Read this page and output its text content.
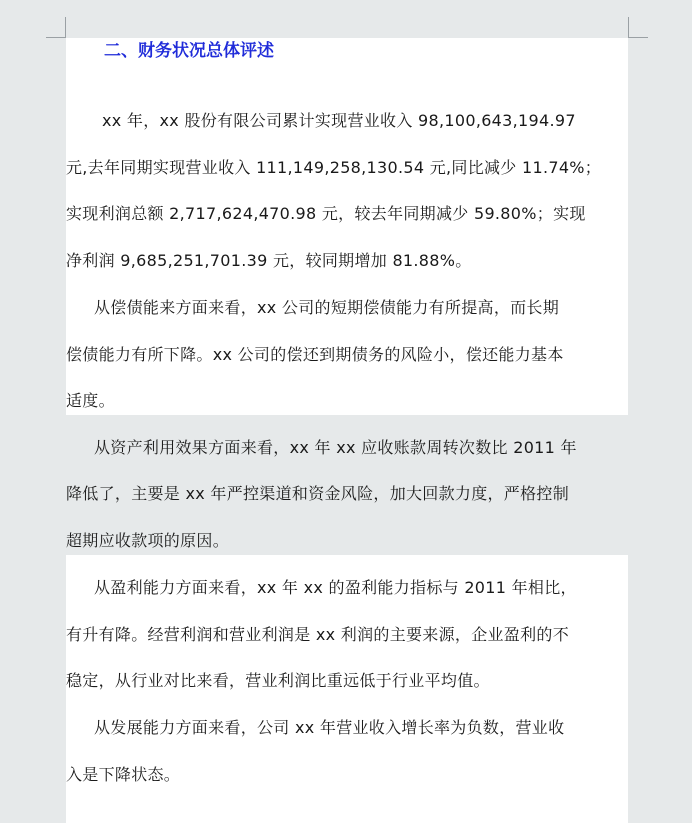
二、财务状况总体评述
xx 年，xx 股份有限公司累计实现营业收入 98,100,643,194.97
元,去年同期实现营业收入 111,149,258,130.54 元,同比减少 11.74%；
实现利润总额 2,717,624,470.98 元，较去年同期减少 59.80%；实现
净利润 9,685,251,701.39 元，较同期增加 81.88%。
从偿债能来方面来看，xx 公司的短期偿债能力有所提高，而长期
偿债能力有所下降。xx 公司的偿还到期债务的风险小，偿还能力基本
适度。
从资产利用效果方面来看，xx 年 xx 应收账款周转次数比 2011 年
降低了，主要是 xx 年严控渠道和资金风险，加大回款力度，严格控制
超期应收款项的原因。
从盈利能力方面来看，xx 年 xx 的盈利能力指标与 2011 年相比，
有升有降。经营利润和营业利润是 xx 利润的主要来源，企业盈利的不
稳定，从行业对比来看，营业利润比重远低于行业平均值。
从发展能力方面来看，公司 xx 年营业收入增长率为负数，营业收
入是下降状态。
